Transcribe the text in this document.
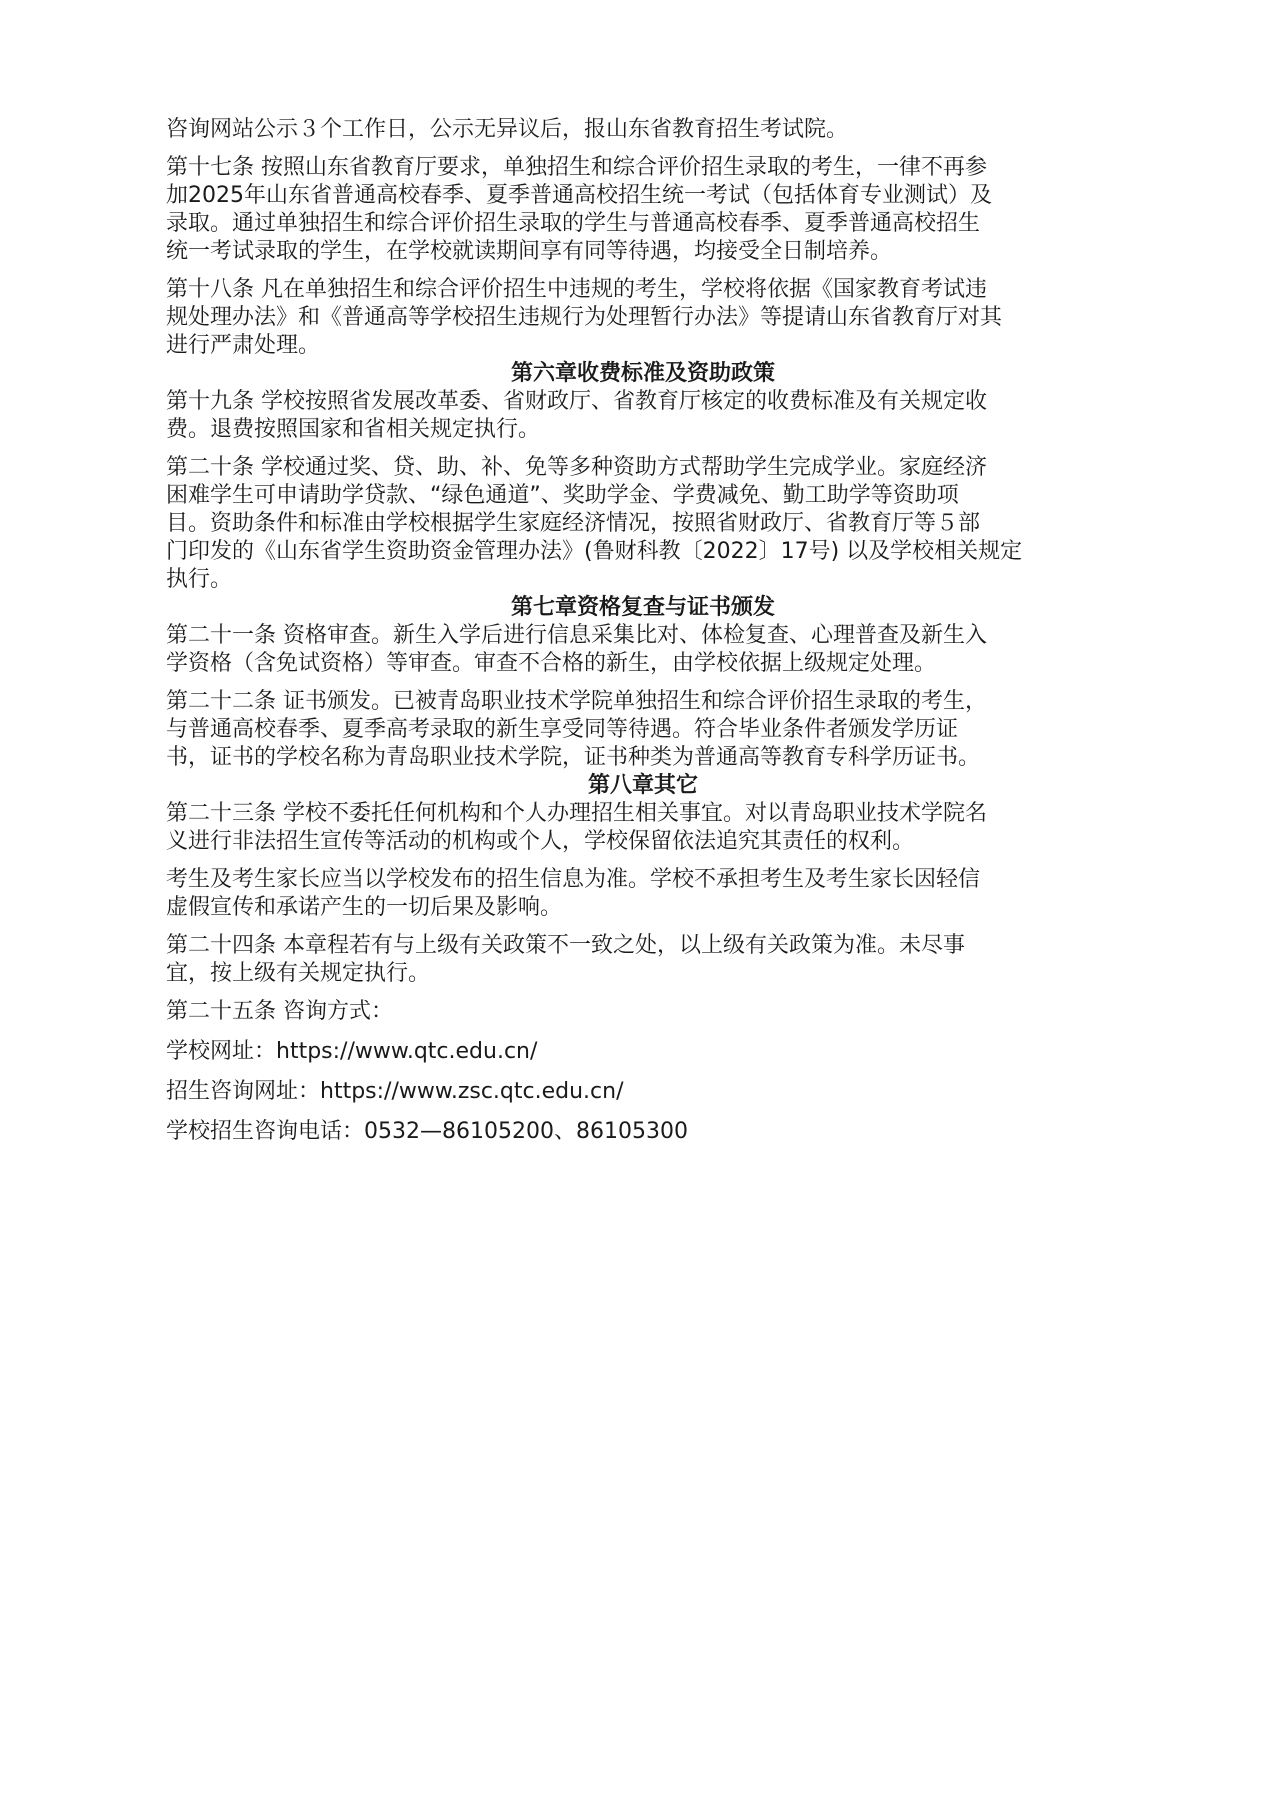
咨询网站公示３个工作日，公示无异议后，报山东省教育招生考试院。
第十七条 按照山东省教育厅要求，单独招生和综合评价招生录取的考生，一律不再参
加2025年山东省普通高校春季、夏季普通高校招生统一考试（包括体育专业测试）及
录取。通过单独招生和综合评价招生录取的学生与普通高校春季、夏季普通高校招生
统一考试录取的学生，在学校就读期间享有同等待遇，均接受全日制培养。
第十八条 凡在单独招生和综合评价招生中违规的考生，学校将依据《国家教育考试违
规处理办法》和《普通高等学校招生违规行为处理暂行办法》等提请山东省教育厅对其
进行严肃处理。
第六章收费标准及资助政策
第十九条 学校按照省发展改革委、省财政厅、省教育厅核定的收费标准及有关规定收
费。退费按照国家和省相关规定执行。
第二十条 学校通过奖、贷、助、补、免等多种资助方式帮助学生完成学业。家庭经济
困难学生可申请助学贷款、“绿色通道”、奖助学金、学费减免、勤工助学等资助项
目。资助条件和标准由学校根据学生家庭经济情况，按照省财政厅、省教育厅等５部
门印发的《山东省学生资助资金管理办法》(鲁财科教〔2022〕17号) 以及学校相关规定
执行。
第七章资格复查与证书颁发
第二十一条 资格审查。新生入学后进行信息采集比对、体检复查、心理普查及新生入
学资格（含免试资格）等审查。审查不合格的新生，由学校依据上级规定处理。
第二十二条 证书颁发。已被青岛职业技术学院单独招生和综合评价招生录取的考生，
与普通高校春季、夏季高考录取的新生享受同等待遇。符合毕业条件者颁发学历证
书，证书的学校名称为青岛职业技术学院，证书种类为普通高等教育专科学历证书。
第八章其它
第二十三条 学校不委托任何机构和个人办理招生相关事宜。对以青岛职业技术学院名
义进行非法招生宣传等活动的机构或个人，学校保留依法追究其责任的权利。
考生及考生家长应当以学校发布的招生信息为准。学校不承担考生及考生家长因轻信
虚假宣传和承诺产生的一切后果及影响。
第二十四条 本章程若有与上级有关政策不一致之处，以上级有关政策为准。未尽事
宜，按上级有关规定执行。
第二十五条 咨询方式：
学校网址：https://www.qtc.edu.cn/
招生咨询网址：https://www.zsc.qtc.edu.cn/
学校招生咨询电话：0532—86105200、86105300
